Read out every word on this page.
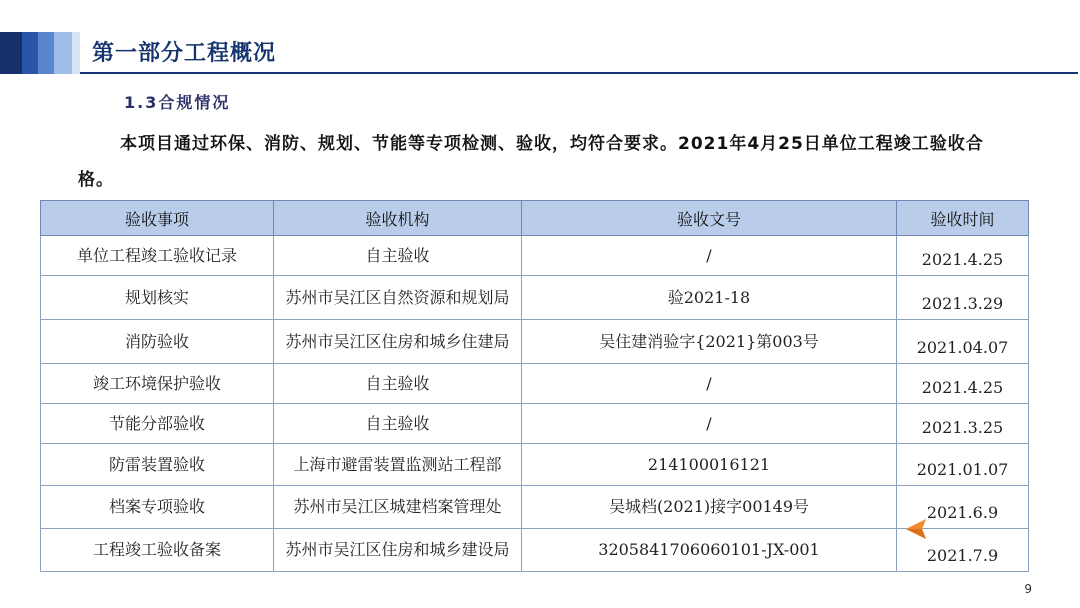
第一部分工程概况
1.3合规情况
本项目通过环保、消防、规划、节能等专项检测、验收，均符合要求。2021年4月25日单位工程竣工验收合格。
验收事项	验收机构	验收文号	验收时间
单位工程竣工验收记录	自主验收	/	2021.4.25
规划核实	苏州市吴江区自然资源和规划局	验2021-18	2021.3.29
消防验收	苏州市吴江区住房和城乡住建局	吴住建消验字{2021}第003号	2021.04.07
竣工环境保护验收	自主验收	/	2021.4.25
节能分部验收	自主验收	/	2021.3.25
防雷装置验收	上海市避雷装置监测站工程部	214100016121	2021.01.07
档案专项验收	苏州市吴江区城建档案管理处	吴城档(2021)接字00149号	2021.6.9
工程竣工验收备案	苏州市吴江区住房和城乡建设局	3205841706060101-JX-001	2021.7.9
9
